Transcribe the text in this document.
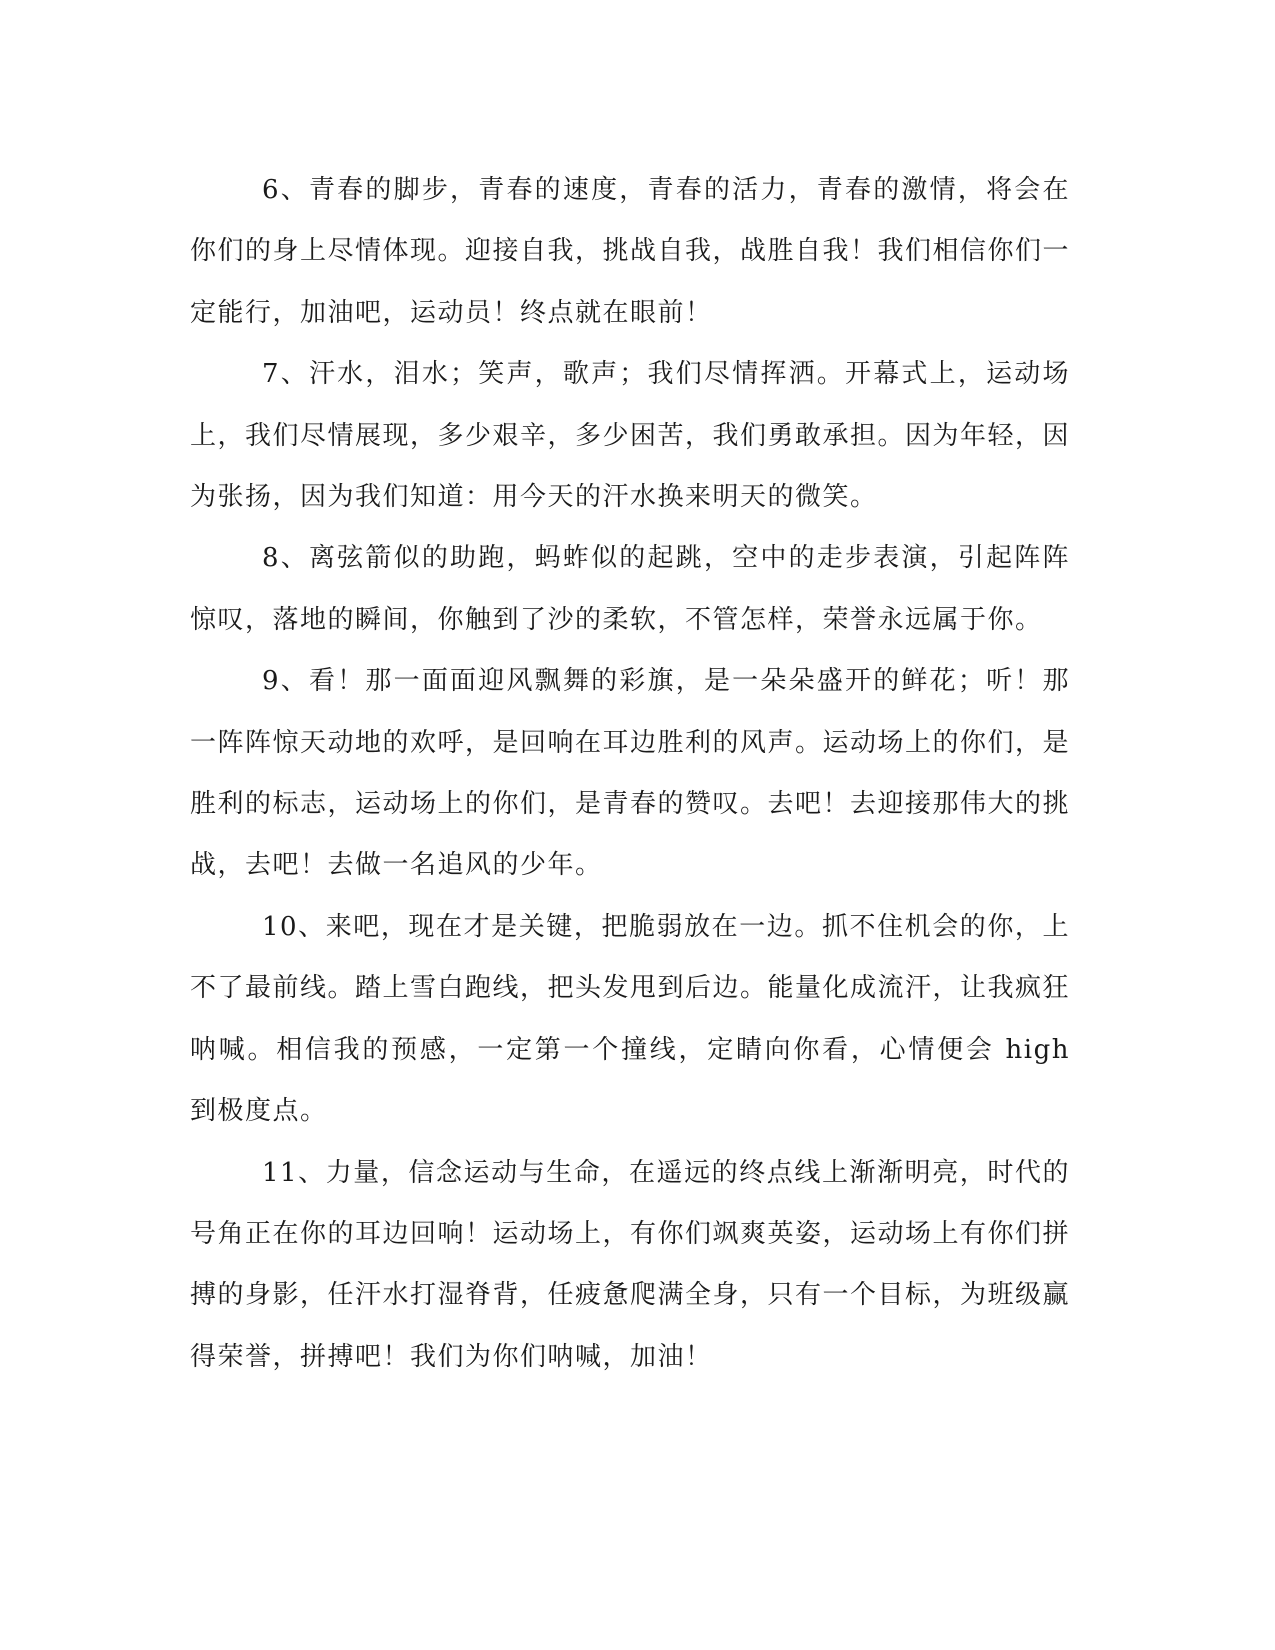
6、青春的脚步，青春的速度，青春的活力，青春的激情，将会在你们的身上尽情体现。迎接自我，挑战自我，战胜自我！我们相信你们一定能行，加油吧，运动员！终点就在眼前！

7、汗水，泪水；笑声，歌声；我们尽情挥洒。开幕式上，运动场上，我们尽情展现，多少艰辛，多少困苦，我们勇敢承担。因为年轻，因为张扬，因为我们知道：用今天的汗水换来明天的微笑。

8、离弦箭似的助跑，蚂蚱似的起跳，空中的走步表演，引起阵阵惊叹，落地的瞬间，你触到了沙的柔软，不管怎样，荣誉永远属于你。

9、看！那一面面迎风飘舞的彩旗，是一朵朵盛开的鲜花；听！那一阵阵惊天动地的欢呼，是回响在耳边胜利的风声。运动场上的你们，是胜利的标志，运动场上的你们，是青春的赞叹。去吧！去迎接那伟大的挑战，去吧！去做一名追风的少年。

10、来吧，现在才是关键，把脆弱放在一边。抓不住机会的你，上不了最前线。踏上雪白跑线，把头发甩到后边。能量化成流汗，让我疯狂呐喊。相信我的预感，一定第一个撞线，定睛向你看，心情便会 high 到极度点。

11、力量，信念运动与生命，在遥远的终点线上渐渐明亮，时代的号角正在你的耳边回响！运动场上，有你们飒爽英姿，运动场上有你们拼搏的身影，任汗水打湿脊背，任疲惫爬满全身，只有一个目标，为班级赢得荣誉，拼搏吧！我们为你们呐喊，加油！
